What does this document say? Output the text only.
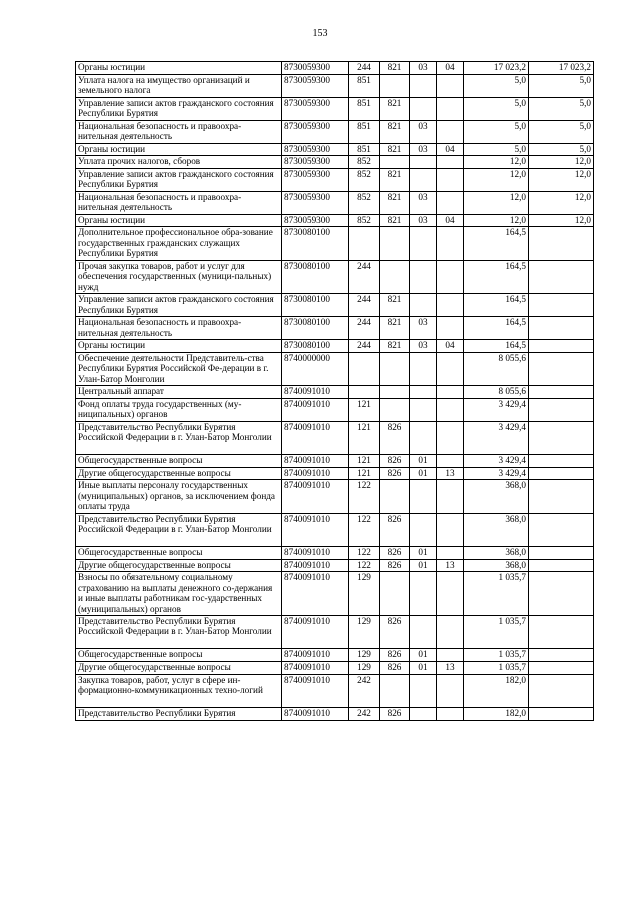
153
Органы юстиции	8730059300	244	821	03	04	17 023,2	17 023,2
Уплата налога на имущество организаций и земельного налога	8730059300	851				5,0	5,0
Управление записи актов гражданского состояния Республики Бурятия	8730059300	851	821			5,0	5,0
Национальная безопасность и правоохра-нительная деятельность	8730059300	851	821	03		5,0	5,0
Органы юстиции	8730059300	851	821	03	04	5,0	5,0
Уплата прочих налогов, сборов	8730059300	852				12,0	12,0
Управление записи актов гражданского состояния Республики Бурятия	8730059300	852	821			12,0	12,0
Национальная безопасность и правоохра-нительная деятельность	8730059300	852	821	03		12,0	12,0
Органы юстиции	8730059300	852	821	03	04	12,0	12,0
Дополнительное профессиональное обра-зование государственных гражданских служащих Республики Бурятия	8730080100					164,5	
Прочая закупка товаров, работ и услуг для обеспечения государственных (муници-пальных) нужд	8730080100	244				164,5	
Управление записи актов гражданского состояния Республики Бурятия	8730080100	244	821			164,5	
Национальная безопасность и правоохра-нительная деятельность	8730080100	244	821	03		164,5	
Органы юстиции	8730080100	244	821	03	04	164,5	
Обеспечение деятельности Представитель-ства Республики Бурятия Российской Фе-дерации в г. Улан-Батор Монголии	8740000000					8 055,6	
Центральный аппарат	8740091010					8 055,6	
Фонд оплаты труда государственных (му-ниципальных) органов	8740091010	121				3 429,4	
Представительство Республики Бурятия Российской Федерации в г. Улан-Батор Монголии	8740091010	121	826			3 429,4	
Общегосударственные вопросы	8740091010	121	826	01		3 429,4	
Другие общегосударственные вопросы	8740091010	121	826	01	13	3 429,4	
Иные выплаты персоналу государственных (муниципальных) органов, за исключением фонда оплаты труда	8740091010	122				368,0	
Представительство Республики Бурятия Российской Федерации в г. Улан-Батор Монголии	8740091010	122	826			368,0	
Общегосударственные вопросы	8740091010	122	826	01		368,0	
Другие общегосударственные вопросы	8740091010	122	826	01	13	368,0	
Взносы по обязательному социальному страхованию на выплаты денежного со-держания и иные выплаты работникам гос-ударственных (муниципальных) органов	8740091010	129				1 035,7	
Представительство Республики Бурятия Российской Федерации в г. Улан-Батор Монголии	8740091010	129	826			1 035,7	
Общегосударственные вопросы	8740091010	129	826	01		1 035,7	
Другие общегосударственные вопросы	8740091010	129	826	01	13	1 035,7	
Закупка товаров, работ, услуг в сфере ин-формационно-коммуникационных техно-логий	8740091010	242				182,0	
Представительство Республики Бурятия	8740091010	242	826			182,0	
